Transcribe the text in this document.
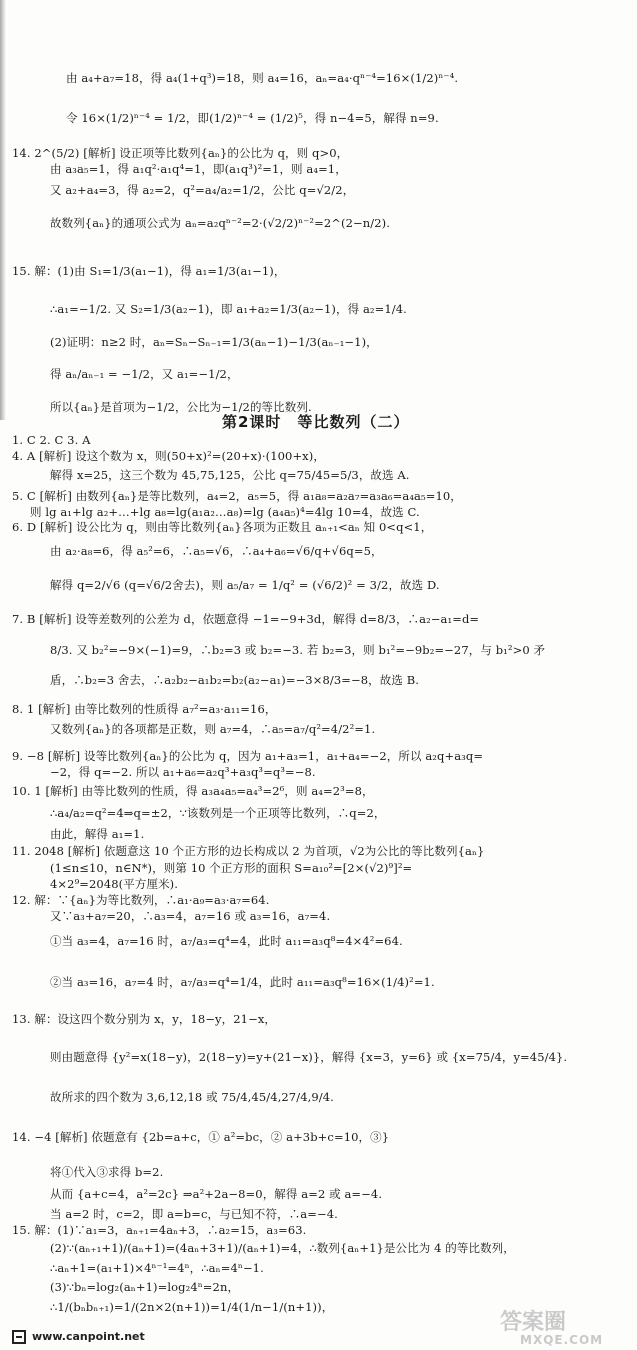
由 a₄+a₇=18，得 a₄(1+q³)=18，则 a₄=16，aₙ=a₄·qⁿ⁻⁴=16×(1/2)ⁿ⁻⁴.
令 16×(1/2)ⁿ⁻⁴ = 1/2，即(1/2)ⁿ⁻⁴ = (1/2)⁵，得 n−4=5，解得 n=9.
14. 2^(5/2) [解析] 设正项等比数列{aₙ}的公比为 q，则 q>0，
由 a₃a₅=1，得 a₁q²·a₁q⁴=1，即(a₁q³)²=1，则 a₄=1，
又 a₂+a₄=3，得 a₂=2，q²=a₄/a₂=1/2，公比 q=√2/2，
故数列{aₙ}的通项公式为 aₙ=a₂qⁿ⁻²=2·(√2/2)ⁿ⁻²=2^(2−n/2).
15. 解：(1)由 S₁=1/3(a₁−1)，得 a₁=1/3(a₁−1)，
∴a₁=−1/2. 又 S₂=1/3(a₂−1)，即 a₁+a₂=1/3(a₂−1)，得 a₂=1/4.
(2)证明：n≥2 时，aₙ=Sₙ−Sₙ₋₁=1/3(aₙ−1)−1/3(aₙ₋₁−1)，
得 aₙ/aₙ₋₁ = −1/2，又 a₁=−1/2，
所以{aₙ}是首项为−1/2，公比为−1/2的等比数列.
第2课时　等比数列（二）
1. C 2. C 3. A
4. A [解析] 设这个数为 x，则(50+x)²=(20+x)·(100+x)，
解得 x=25，这三个数为 45,75,125，公比 q=75/45=5/3，故选 A.
5. C [解析] 由数列{aₙ}是等比数列，a₄=2，a₅=5，得 a₁a₈=a₂a₇=a₃a₆=a₄a₅=10，
则 lg a₁+lg a₂+…+lg a₈=lg(a₁a₂…a₈)=lg (a₄a₅)⁴=4lg 10=4，故选 C.
6. D [解析] 设公比为 q，则由等比数列{aₙ}各项为正数且 aₙ₊₁<aₙ 知 0<q<1，
由 a₂·a₈=6，得 a₅²=6，∴a₅=√6，∴a₄+a₆=√6/q+√6q=5，
解得 q=2/√6 (q=√6/2舍去)，则 a₅/a₇ = 1/q² = (√6/2)² = 3/2，故选 D.
7. B [解析] 设等差数列的公差为 d，依题意得 −1=−9+3d，解得 d=8/3，∴a₂−a₁=d=
8/3. 又 b₂²=−9×(−1)=9，∴b₂=3 或 b₂=−3. 若 b₂=3，则 b₁²=−9b₂=−27，与 b₁²>0 矛
盾，∴b₂=3 舍去，∴a₂b₂−a₁b₂=b₂(a₂−a₁)=−3×8/3=−8，故选 B.
8. 1 [解析] 由等比数列的性质得 a₇²=a₃·a₁₁=16，
又数列{aₙ}的各项都是正数，则 a₇=4，∴a₅=a₇/q²=4/2²=1.
9. −8 [解析] 设等比数列{aₙ}的公比为 q，因为 a₁+a₃=1，a₁+a₄=−2，所以 a₂q+a₃q=
−2，得 q=−2. 所以 a₁+a₆=a₂q³+a₃q³=q³=−8.
10. 1 [解析] 由等比数列的性质，得 a₃a₄a₅=a₄³=2⁶，则 a₄=2³=8，
∴a₄/a₂=q²=4⇒q=±2，∵该数列是一个正项等比数列，∴q=2，
由此，解得 a₁=1.
11. 2048 [解析] 依题意这 10 个正方形的边长构成以 2 为首项，√2为公比的等比数列{aₙ}
(1≤n≤10，n∈N*)，则第 10 个正方形的面积 S=a₁₀²=[2×(√2)⁹]²=
4×2⁹=2048(平方厘米).
12. 解：∵{aₙ}为等比数列，∴a₁·a₉=a₃·a₇=64.
又∵a₃+a₇=20，∴a₃=4，a₇=16 或 a₃=16，a₇=4.
①当 a₃=4，a₇=16 时，a₇/a₃=q⁴=4，此时 a₁₁=a₃q⁸=4×4²=64.
②当 a₃=16，a₇=4 时，a₇/a₃=q⁴=1/4，此时 a₁₁=a₃q⁸=16×(1/4)²=1.
13. 解：设这四个数分别为 x，y，18−y，21−x，
则由题意得 {y²=x(18−y)，2(18−y)=y+(21−x)}，解得 {x=3，y=6} 或 {x=75/4，y=45/4}.
故所求的四个数为 3,6,12,18 或 75/4,45/4,27/4,9/4.
14. −4 [解析] 依题意有 {2b=a+c，① a²=bc，② a+3b+c=10，③}
将①代入③求得 b=2.
从而 {a+c=4，a²=2c} ⇒a²+2a−8=0，解得 a=2 或 a=−4.
当 a=2 时，c=2，即 a=b=c，与已知不符，∴a=−4.
15. 解：(1)∵a₁=3，aₙ₊₁=4aₙ+3，∴a₂=15，a₃=63.
(2)∵(aₙ₊₁+1)/(aₙ+1)=(4aₙ+3+1)/(aₙ+1)=4，∴数列{aₙ+1}是公比为 4 的等比数列，
∴aₙ+1=(a₁+1)×4ⁿ⁻¹=4ⁿ，∴aₙ=4ⁿ−1.
(3)∵bₙ=log₂(aₙ+1)=log₂4ⁿ=2n，
∴1/(bₙbₙ₊₁)=1/(2n×2(n+1))=1/4(1/n−1/(n+1))，
www.canpoint.net
答案圈
MXQE.COM
